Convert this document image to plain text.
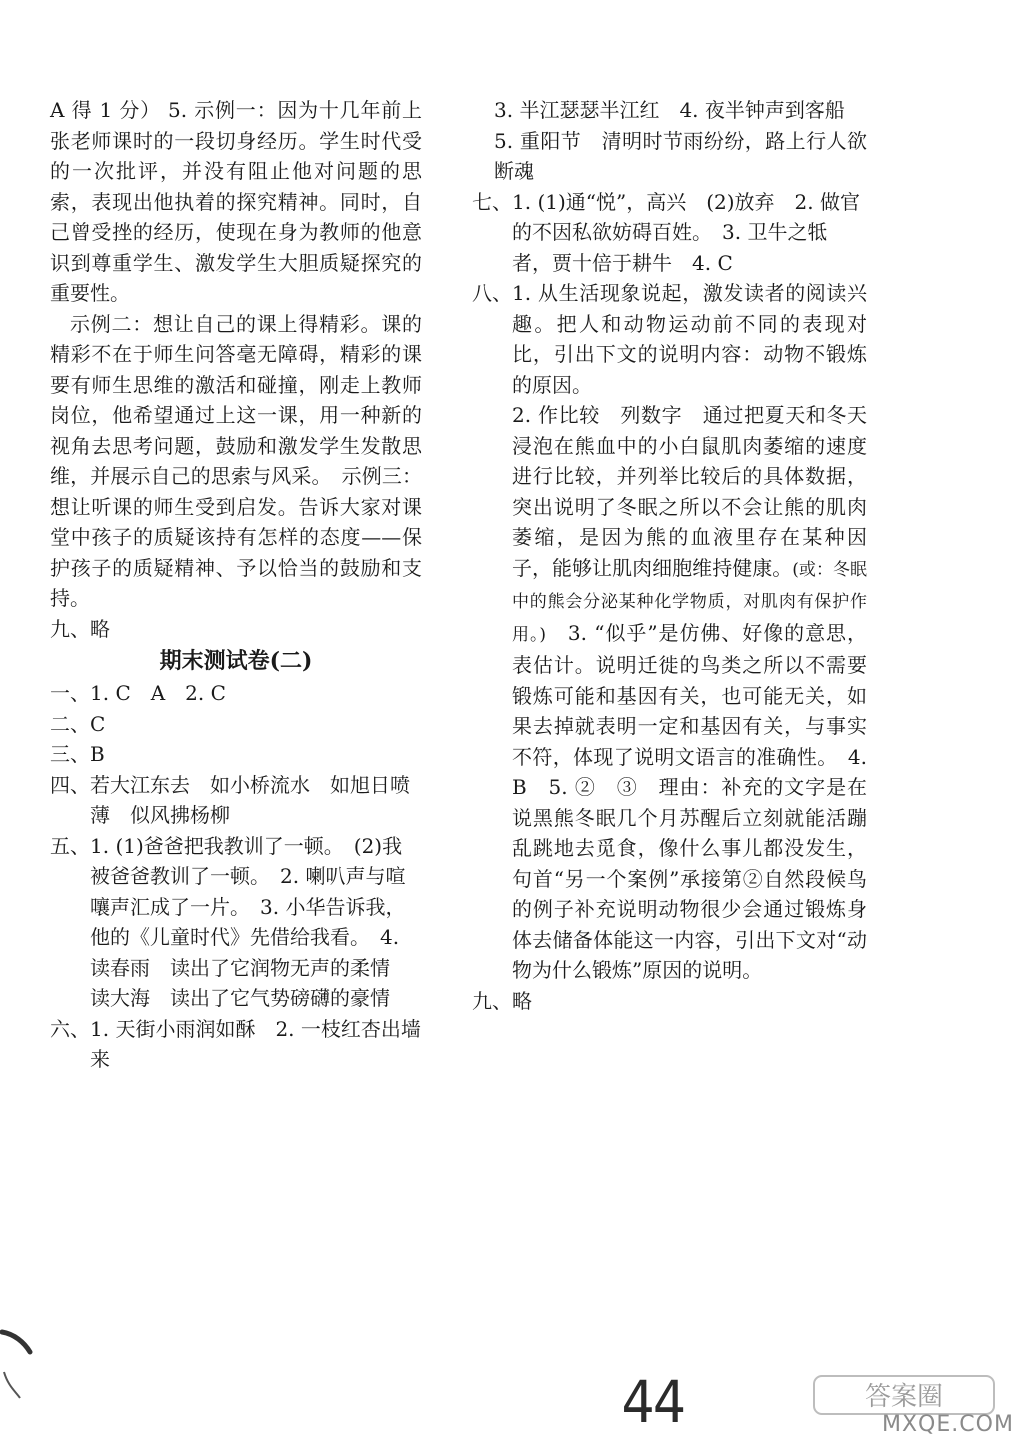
A 得 1 分） 5. 示例一：因为十几年前上张老师课时的一段切身经历。学生时代受的一次批评，并没有阻止他对问题的思索，表现出他执着的探究精神。同时，自己曾受挫的经历，使现在身为教师的他意识到尊重学生、激发学生大胆质疑探究的重要性。

示例二：想让自己的课上得精彩。课的精彩不在于师生问答毫无障碍，精彩的课要有师生思维的激活和碰撞，刚走上教师岗位，他希望通过上这一课，用一种新的视角去思考问题，鼓励和激发学生发散思维，并展示自己的思索与风采。　示例三：想让听课的师生受到启发。告诉大家对课堂中孩子的质疑该持有怎样的态度——保护孩子的质疑精神、予以恰当的鼓励和支持。

九、 略

期末测试卷(二)

一、 1. C　A　2. C
二、 C
三、 B
四、 若大江东去　如小桥流水　如旭日喷薄　似风拂杨柳
五、 1. (1)爸爸把我教训了一顿。　(2)我被爸爸教训了一顿。　2. 喇叭声与喧嚷声汇成了一片。　3. 小华告诉我，他的《儿童时代》先借给我看。　4. 读春雨　读出了它润物无声的柔情　读大海　读出了它气势磅礴的豪情
六、 1. 天街小雨润如酥　2. 一枝红杏出墙来

3. 半江瑟瑟半江红　4. 夜半钟声到客船

5. 重阳节　清明时节雨纷纷，路上行人欲断魂

七、 1. (1)通“悦”，高兴　(2)放弃　2. 做官的不因私欲妨碍百姓。　3. 卫牛之牴者，贾十倍于耕牛　4. C
八、 1. 从生活现象说起，激发读者的阅读兴趣。把人和动物运动前不同的表现对比，引出下文的说明内容：动物不锻炼的原因。

2. 作比较　列数字　通过把夏天和冬天浸泡在熊血中的小白鼠肌肉萎缩的速度进行比较，并列举比较后的具体数据，突出说明了冬眠之所以不会让熊的肌肉萎缩，是因为熊的血液里存在某种因子，能够让肌肉细胞维持健康。(或：冬眠中的熊会分泌某种化学物质，对肌肉有保护作用。)　3. “似乎”是仿佛、好像的意思，表估计。说明迁徙的鸟类之所以不需要锻炼可能和基因有关，也可能无关，如果去掉就表明一定和基因有关，与事实不符，体现了说明文语言的准确性。　4. B　5. ②　③　理由：补充的文字是在说黑熊冬眠几个月苏醒后立刻就能活蹦乱跳地去觅食，像什么事儿都没发生，句首“另一个案例”承接第②自然段候鸟的例子补充说明动物很少会通过锻炼身体去储备体能这一内容，引出下文对“动物为什么锻炼”原因的说明。

九、 略
44	答案圈
MXQE.COM
